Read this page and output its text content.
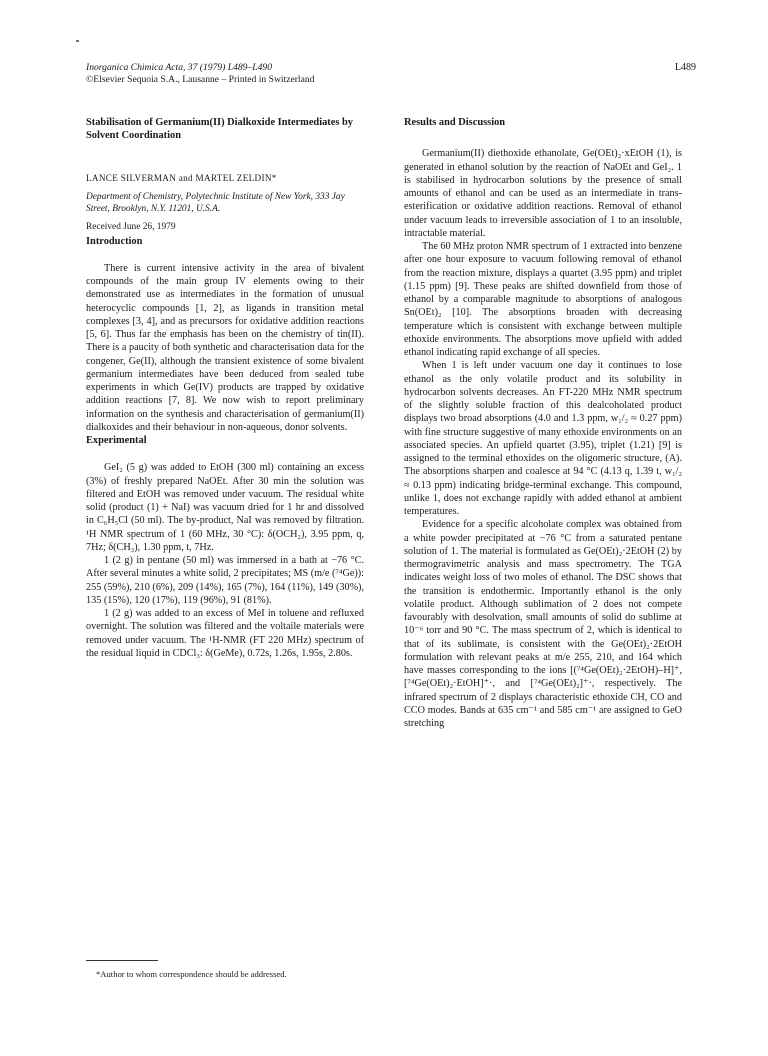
Inorganica Chimica Acta, 37 (1979) L489–L490
©Elsevier Sequoia S.A., Lausanne – Printed in Switzerland
L489

Stabilisation of Germanium(II) Dialkoxide Intermediates by Solvent Coordination

LANCE SILVERMAN and MARTEL ZELDIN*

Department of Chemistry, Polytechnic Institute of New York, 333 Jay Street, Brooklyn, N.Y. 11201, U.S.A.

Received June 26, 1979

Introduction

There is current intensive activity in the area of bivalent compounds of the main group IV elements owing to their demonstrated use as intermediates in the formation of unusual heterocyclic compounds [1, 2], as ligands in transition metal complexes [3, 4], and as precursors for oxidative addition reactions [5, 6]. Thus far the emphasis has been on the chemistry of tin(II). There is a paucity of both synthetic and characterisation data for the congener, Ge(II), although the transient existence of some bivalent germanium intermediates have been deduced from sealed tube experiments in which Ge(IV) products are trapped by oxidative addition reactions [7, 8]. We now wish to report preliminary information on the synthesis and characterisation of germanium(II) dialkoxides and their behaviour in non-aqueous, donor solvents.

Experimental

GeI₂ (5 g) was added to EtOH (300 ml) containing an excess (3%) of freshly prepared NaOEt. After 30 min the solution was filtered and EtOH was removed under vacuum. The residual white solid (product (1) + NaI) was vacuum dried for 1 hr and dissolved in C₆H₅Cl (50 ml). The by-product, NaI was removed by filtration. ¹H NMR spectrum of 1 (60 MHz, 30 °C): δ(OCH₂), 3.95 ppm, q, 7Hz; δ(CH₃), 1.30 ppm, t, 7Hz.

1 (2 g) in pentane (50 ml) was immersed in a bath at −76 °C. After several minutes a white solid, 2 precipitates; MS (m/e (⁷⁴Ge)): 255 (59%), 210 (6%), 209 (14%), 165 (7%), 164 (11%), 149 (30%), 135 (15%), 120 (17%), 119 (96%), 91 (81%).

1 (2 g) was added to an excess of MeI in toluene and refluxed overnight. The solution was filtered and the voltaile materials were removed under vacuum. The ¹H-NMR (FT 220 MHz) spectrum of the residual liquid in CDCl₃: δ(GeMe), 0.72s, 1.26s, 1.95s, 2.80s.

Results and Discussion

Germanium(II) diethoxide ethanolate, Ge(OEt)₂·xEtOH (1), is generated in ethanol solution by the reaction of NaOEt and GeI₂. 1 is stabilised in hydrocarbon solutions by the presence of small amounts of ethanol and can be used as an intermediate in trans-esterification or oxidative addition reactions. Removal of ethanol under vacuum leads to irreversible association of 1 to an insoluble, intractable material.

The 60 MHz proton NMR spectrum of 1 extracted into benzene after one hour exposure to vacuum following removal of ethanol from the reaction mixture, displays a quartet (3.95 ppm) and triplet (1.15 ppm) [9]. These peaks are shifted downfield from those of ethanol by a comparable magnitude to absorptions of analogous Sn(OEt)₂ [10]. The absorptions broaden with decreasing temperature which is consistent with exchange between multiple ethoxide environments. The absorptions move upfield with added ethanol indicating rapid exchange of all species.

When 1 is left under vacuum one day it continues to lose ethanol as the only volatile product and its solubility in hydrocarbon solvents decreases. An FT-220 MHz NMR spectrum of the slightly soluble fraction of this dealcoholated product displays two broad absorptions (4.0 and 1.3 ppm, w₁/₂ ≈ 0.27 ppm) with fine structure suggestive of many ethoxide environments on an associated species. An upfield quartet (3.95), triplet (1.21) [9] is assigned to the terminal ethoxides on the oligomeric structure, (A). The absorptions sharpen and coalesce at 94 °C (4.13 q, 1.39 t, w₁/₂ ≈ 0.13 ppm) indicating bridge-terminal exchange. This compound, unlike 1, does not exchange rapidly with added ethanol at ambient temperatures.

Evidence for a specific alcoholate complex was obtained from a white powder precipitated at −76 °C from a saturated pentane solution of 1. The material is formulated as Ge(OEt)₂·2EtOH (2) by thermogravimetric analysis and mass spectrometry. The TGA indicates weight loss of two moles of ethanol. The DSC shows that the transition is endothermic. Importantly ethanol is the only volatile product. Although sublimation of 2 does not compete favourably with desolvation, small amounts of solid do sublime at 10⁻⁶ torr and 90 °C. The mass spectrum of 2, which is identical to that of its sublimate, is consistent with the Ge(OEt)₂·2EtOH formulation with relevant peaks at m/e 255, 210, and 164 which have masses corresponding to the ions [(⁷⁴Ge(OEt)₂·2EtOH)–H]⁺, [⁷⁴Ge(OEt)₂·EtOH]⁺·, and [⁷⁴Ge(OEt)₂]⁺·, respectively. The infrared spectrum of 2 displays characteristic ethoxide CH, CO and CCO modes. Bands at 635 cm⁻¹ and 585 cm⁻¹ are assigned to GeO stretching

*Author to whom correspondence should be addressed.
